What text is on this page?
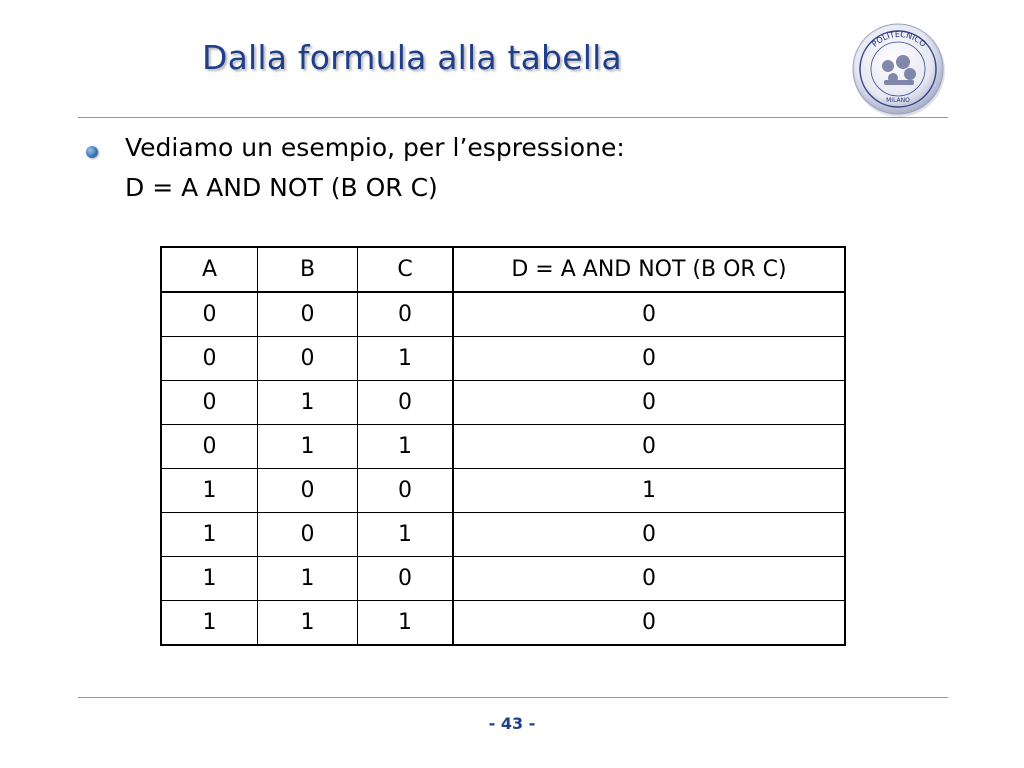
Dalla formula alla tabella	POLITECNICO
MILANO
Vediamo un esempio, per l’espressione:
D = A AND NOT (B OR C)
A	B	C	D = A AND NOT (B OR C)
0	0	0	0
0	0	1	0
0	1	0	0
0	1	1	0
1	0	0	1
1	0	1	0
1	1	0	0
1	1	1	0
- 43 -
